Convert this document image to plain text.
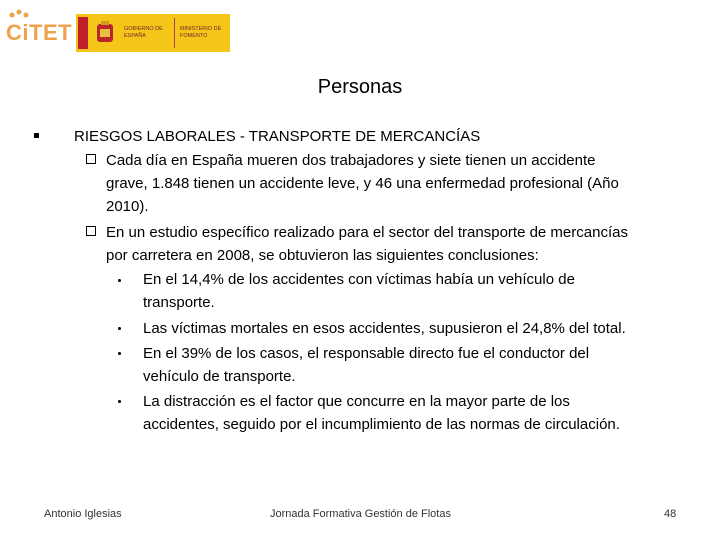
CiTET	GOBIERNO DE ESPAÑA
MINISTERIO DE FOMENTO
Personas
RIESGOS LABORALES - TRANSPORTE DE MERCANCÍAS
Cada día en España mueren dos trabajadores y siete tienen un accidente
grave, 1.848 tienen un accidente leve, y 46 una enfermedad profesional (Año
2010).
En un estudio específico realizado para el sector del transporte de mercancías
por carretera en 2008, se obtuvieron las siguientes conclusiones:
En el 14,4% de los accidentes con víctimas había un vehículo de
transporte.
Las víctimas mortales en esos accidentes, supusieron el 24,8% del total.
En el 39% de los casos, el responsable directo fue el conductor del
vehículo de transporte.
La distracción es el factor que concurre en la mayor parte de los
accidentes, seguido por el incumplimiento de las normas de circulación.
Antonio Iglesias	Jornada Formativa Gestión de Flotas	48
